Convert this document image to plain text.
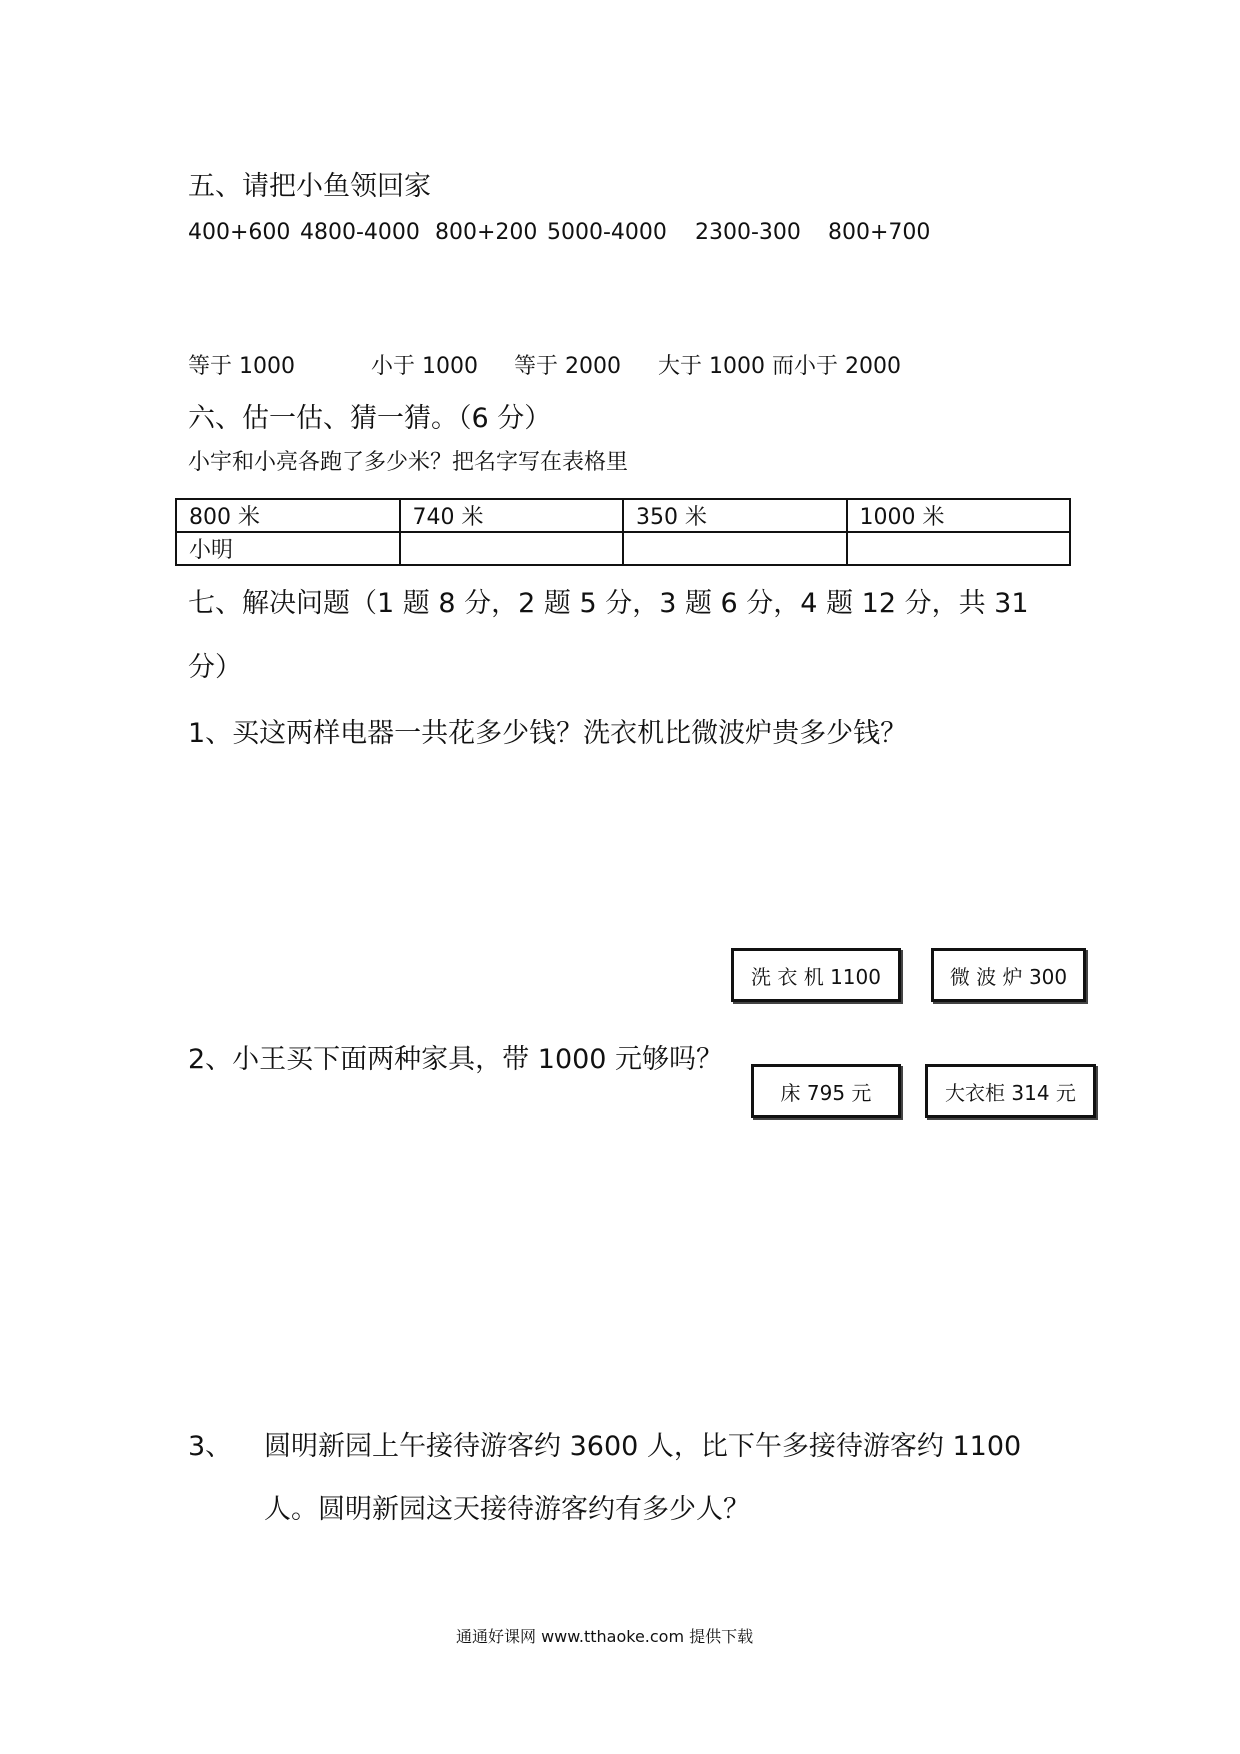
五、请把小鱼领回家
400+600 4800-4000 800+200 5000-4000 2300-300 800+700
等于 1000	小于 1000 等于 2000 大于 1000 而小于 2000
六、估一估、猜一猜。（6 分）
小宇和小亮各跑了多少米？把名字写在表格里
800 米	740 米	350 米	1000 米
小明			
七、解决问题（1 题 8 分，2 题 5 分，3 题 6 分，4 题 12 分，共 31
分）
1、买这两样电器一共花多少钱？洗衣机比微波炉贵多少钱？
洗 衣 机 1100	微 波 炉 300
2、小王买下面两种家具，带 1000 元够吗？
床 795 元	大衣柜 314 元
3、 圆明新园上午接待游客约 3600 人，比下午多接待游客约 1100
人。圆明新园这天接待游客约有多少人？
通通好课网 www.tthaoke.com 提供下载
